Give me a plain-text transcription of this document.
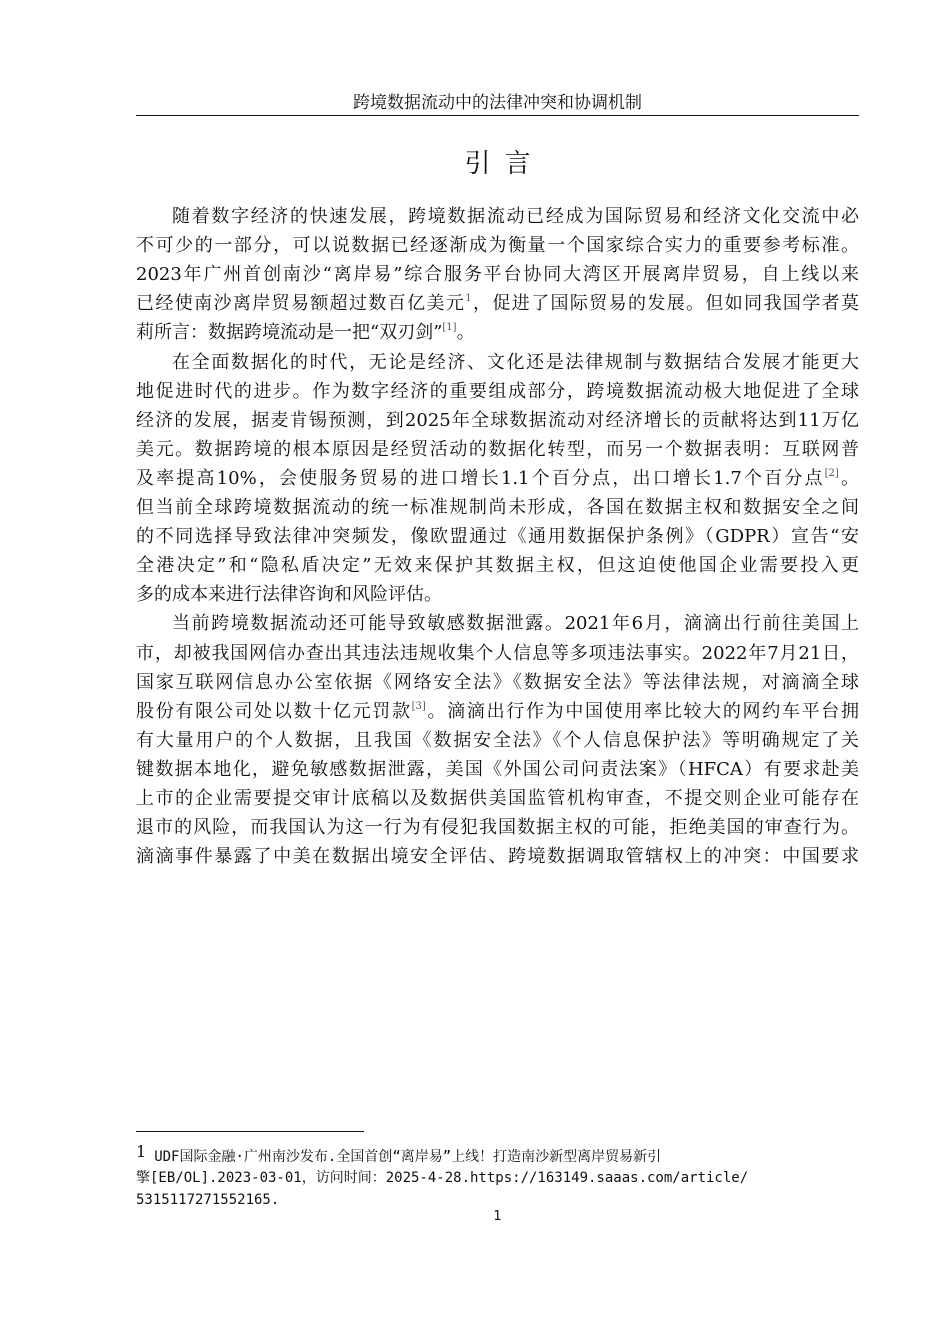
跨境数据流动中的法律冲突和协调机制
引言
随着数字经济的快速发展，跨境数据流动已经成为国际贸易和经济文化交流中必
不可少的一部分，可以说数据已经逐渐成为衡量一个国家综合实力的重要参考标准。
2023年广州首创南沙“离岸易”综合服务平台协同大湾区开展离岸贸易，自上线以来
已经使南沙离岸贸易额超过数百亿美元$^1$，促进了国际贸易的发展。但如同我国学者莫
莉所言：数据跨境流动是一把“双刃剑”[1]。
在全面数据化的时代，无论是经济、文化还是法律规制与数据结合发展才能更大
地促进时代的进步。作为数字经济的重要组成部分，跨境数据流动极大地促进了全球
经济的发展，据麦肯锡预测，到2025年全球数据流动对经济增长的贡献将达到11万亿
美元。数据跨境的根本原因是经贸活动的数据化转型，而另一个数据表明：互联网普
及率提高10%，会使服务贸易的进口增长1.1个百分点，出口增长1.7个百分点[2]。
但当前全球跨境数据流动的统一标准规制尚未形成，各国在数据主权和数据安全之间
的不同选择导致法律冲突频发，像欧盟通过《通用数据保护条例》（GDPR）宣告“安
全港决定”和“隐私盾决定”无效来保护其数据主权，但这迫使他国企业需要投入更
多的成本来进行法律咨询和风险评估。
当前跨境数据流动还可能导致敏感数据泄露。2021年6月，滴滴出行前往美国上
市，却被我国网信办查出其违法违规收集个人信息等多项违法事实。2022年7月21日，
国家互联网信息办公室依据《网络安全法》《数据安全法》等法律法规，对滴滴全球
股份有限公司处以数十亿元罚款[3]。滴滴出行作为中国使用率比较大的网约车平台拥
有大量用户的个人数据，且我国《数据安全法》《个人信息保护法》等明确规定了关
键数据本地化，避免敏感数据泄露，美国《外国公司问责法案》（HFCA）有要求赴美
上市的企业需要提交审计底稿以及数据供美国监管机构审查，不提交则企业可能存在
退市的风险，而我国认为这一行为有侵犯我国数据主权的可能，拒绝美国的审查行为。
滴滴事件暴露了中美在数据出境安全评估、跨境数据调取管辖权上的冲突：中国要求
1 UDF国际金融·广州南沙发布.全国首创“离岸易”上线！打造南沙新型离岸贸易新引
擎[EB/OL].2023-03-01，访问时间：2025-4-28.https://163149.saaas.com/article/
5315117271552165.
1
